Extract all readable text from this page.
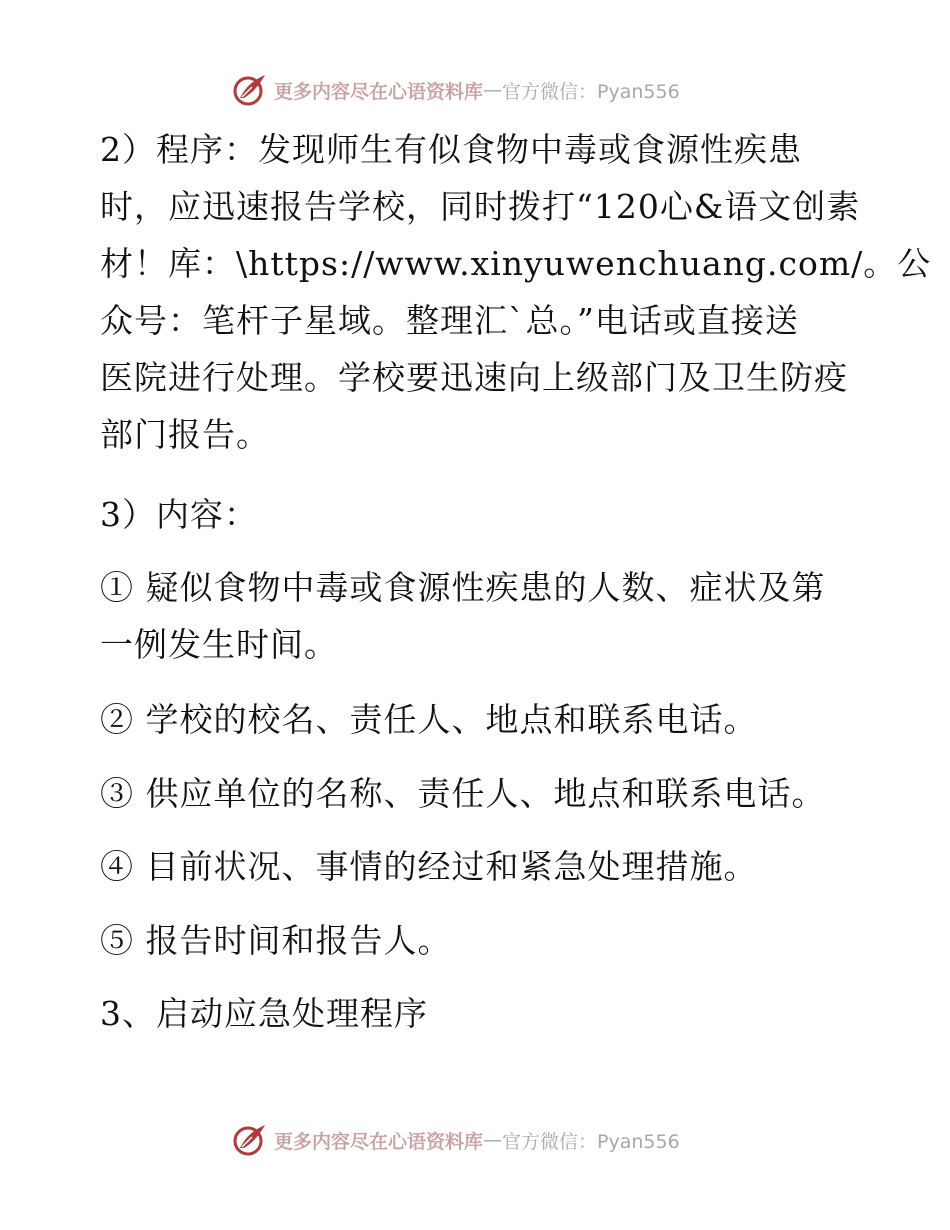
更多内容尽在心语资料库 — 官方微信：Pyan556
2）程序：发现师生有似食物中毒或食源性疾患
时，应迅速报告学校，同时拨打“120心&语文创素
材！库：\https://www.xinyuwenchuang.com/。公
众号：笔杆子星域。整理汇`总。”电话或直接送
医院进行处理。学校要迅速向上级部门及卫生防疫
部门报告。
3）内容：
① 疑似食物中毒或食源性疾患的人数、症状及第
一例发生时间。
② 学校的校名、责任人、地点和联系电话。
③ 供应单位的名称、责任人、地点和联系电话。
④ 目前状况、事情的经过和紧急处理措施。
⑤ 报告时间和报告人。
3、启动应急处理程序
更多内容尽在心语资料库 — 官方微信：Pyan556
